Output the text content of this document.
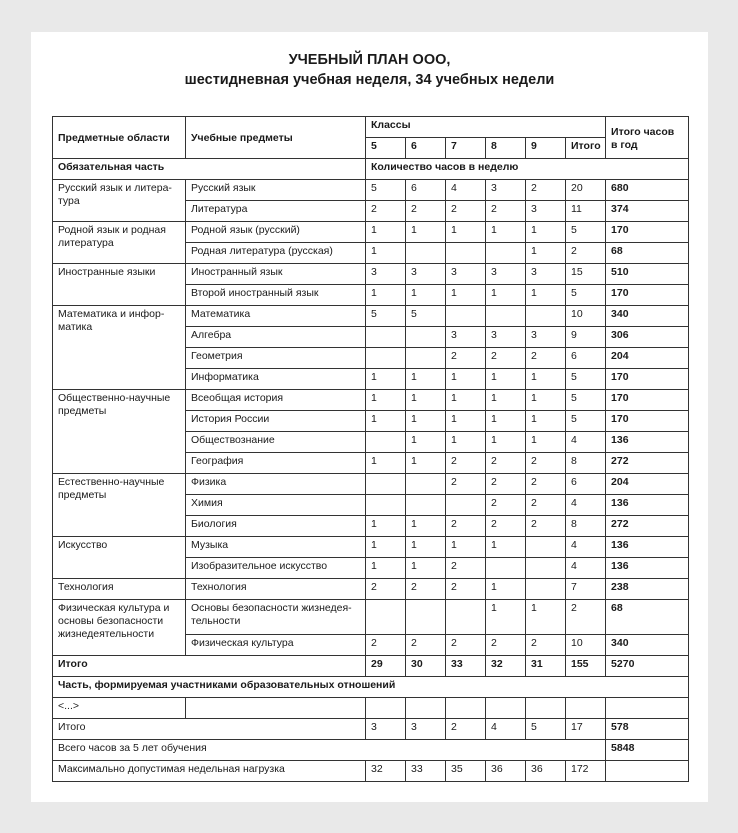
УЧЕБНЫЙ ПЛАН ООО,
шестидневная учебная неделя, 34 учебных недели
Предметные области	Учебные предметы	Классы						Итого часов в год
		5	6	7	8	9	Итого	
Обязательная часть		Количество часов в неделю						
Русский язык и литера-тура	Русский язык	5	6	4	3	2	20	680
	Литература	2	2	2	2	3	11	374
Родной язык и родная литература	Родной язык (русский)	1	1	1	1	1	5	170
	Родная литература (русская)	1				1	2	68
Иностранные языки	Иностранный язык	3	3	3	3	3	15	510
	Второй иностранный язык	1	1	1	1	1	5	170
Математика и инфор-матика	Математика	5	5				10	340
	Алгебра			3	3	3	9	306
	Геометрия			2	2	2	6	204
	Информатика	1	1	1	1	1	5	170
Общественно-научные предметы	Всеобщая история	1	1	1	1	1	5	170
	История России	1	1	1	1	1	5	170
	Обществознание		1	1	1	1	4	136
	География	1	1	2	2	2	8	272
Естественно-научные предметы	Физика			2	2	2	6	204
	Химия				2	2	4	136
	Биология	1	1	2	2	2	8	272
Искусство	Музыка	1	1	1	1		4	136
	Изобразительное искусство	1	1	2			4	136
Технология	Технология	2	2	2	1		7	238
Физическая культура и основы безопасности жизнедеятельности	Основы безопасности жизнедея-тельности				1	1	2	68
	Физическая культура	2	2	2	2	2	10	340
Итого		29	30	33	32	31	155	5270
Часть, формируемая участниками образовательных отношений								
<...>								
Итого		3	3	2	4	5	17	578
Всего часов за 5 лет обучения								5848
Максимально допустимая недельная нагрузка		32	33	35	36	36	172	
